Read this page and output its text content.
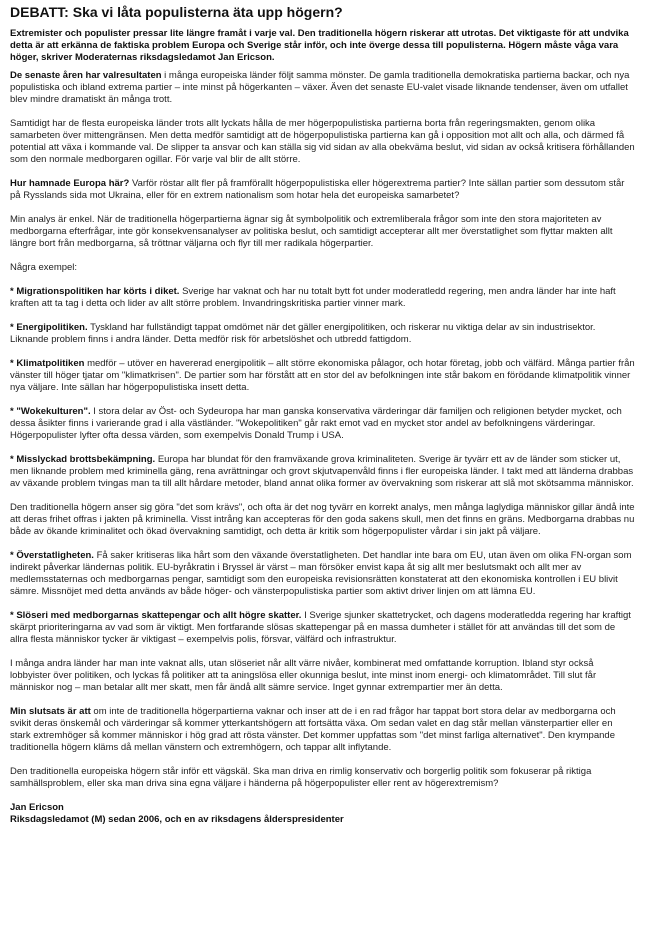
DEBATT: Ska vi låta populisterna äta upp högern?

Extremister och populister pressar lite längre framåt i varje val. Den traditionella högern riskerar att utrotas. Det viktigaste för att undvika detta är att erkänna de faktiska problem Europa och Sverige står inför, och inte överge dessa till populisterna. Högern måste våga vara höger, skriver Moderaternas riksdagsledamot Jan Ericson.

De senaste åren har valresultaten i många europeiska länder följt samma mönster. De gamla traditionella demokratiska partierna backar, och nya populistiska och ibland extrema partier – inte minst på högerkanten – växer. Även det senaste EU-valet visade liknande tendenser, även om utfallet blev mindre dramatiskt än många trott.

Samtidigt har de flesta europeiska länder trots allt lyckats hålla de mer högerpopulistiska partierna borta från regeringsmakten, genom olika samarbeten över mittengränsen. Men detta medför samtidigt att de högerpopulistiska partierna kan gå i opposition mot allt och alla, och därmed få potential att växa i kommande val. De slipper ta ansvar och kan ställa sig vid sidan av alla obekväma beslut, vid sidan av också kritisera förhållanden som den normale medborgaren ogillar. För varje val blir de allt större.

Hur hamnade Europa här? Varför röstar allt fler på framförallt högerpopulistiska eller högerextrema partier? Inte sällan partier som dessutom står på Rysslands sida mot Ukraina, eller för en extrem nationalism som hotar hela det europeiska samarbetet?

Min analys är enkel. När de traditionella högerpartierna ägnar sig åt symbolpolitik och extremliberala frågor som inte den stora majoriteten av medborgarna efterfrågar, inte gör konsekvensanalyser av politiska beslut, och samtidigt accepterar allt mer överstatlighet som flyttar makten allt längre bort från medborgarna, så tröttnar väljarna och flyr till mer radikala högerpartier.

Några exempel:

* Migrationspolitiken har körts i diket. Sverige har vaknat och har nu totalt bytt fot under moderatledd regering, men andra länder har inte haft kraften att ta tag i detta och lider av allt större problem. Invandringskritiska partier vinner mark.

* Energipolitiken. Tyskland har fullständigt tappat omdömet när det gäller energipolitiken, och riskerar nu viktiga delar av sin industrisektor. Liknande problem finns i andra länder. Detta medför risk för arbetslöshet och utbredd fattigdom.

* Klimatpolitiken medför – utöver en havererad energipolitik – allt större ekonomiska pålagor, och hotar företag, jobb och välfärd. Många partier från vänster till höger tjatar om "klimatkrisen". De partier som har förstått att en stor del av befolkningen inte står bakom en förödande klimatpolitik vinner nya väljare. Inte sällan har högerpopulistiska insett detta.

* "Wokekulturen". I stora delar av Öst- och Sydeuropa har man ganska konservativa värderingar där familjen och religionen betyder mycket, och dessa åsikter finns i varierande grad i alla västländer. "Wokepolitiken" går rakt emot vad en mycket stor andel av befolkningens värderingar. Högerpopulister lyfter ofta dessa värden, som exempelvis Donald Trump i USA.

* Misslyckad brottsbekämpning. Europa har blundat för den framväxande grova kriminaliteten. Sverige är tyvärr ett av de länder som sticker ut, men liknande problem med kriminella gäng, rena avrättningar och grovt skjutvapenvåld finns i fler europeiska länder. I takt med att länderna drabbas av växande problem tvingas man ta till allt hårdare metoder, bland annat olika former av övervakning som riskerar att slå mot skötsamma människor.

Den traditionella högern anser sig göra "det som krävs", och ofta är det nog tyvärr en korrekt analys, men många laglydiga människor gillar ändå inte att deras frihet offras i jakten på kriminella. Visst intrång kan accepteras för den goda sakens skull, men det finns en gräns. Medborgarna drabbas nu både av ökande kriminalitet och ökad övervakning samtidigt, och detta är kritik som högerpopulister vårdar i sin jakt på väljare.

* Överstatligheten. Få saker kritiseras lika hårt som den växande överstatligheten. Det handlar inte bara om EU, utan även om olika FN-organ som indirekt påverkar ländernas politik. EU-byråkratin i Bryssel är värst – man försöker envist kapa åt sig allt mer beslutsmakt och allt mer av medlemsstaternas och medborgarnas pengar, samtidigt som den europeiska revisionsrätten konstaterat att den ekonomiska kontrollen i EU blivit sämre. Missnöjet med detta används av både höger- och vänsterpopulistiska partier som aktivt driver linjen om att lämna EU.

* Slöseri med medborgarnas skattepengar och allt högre skatter. I Sverige sjunker skattetrycket, och dagens moderatledda regering har kraftigt skärpt prioriteringarna av vad som är viktigt. Men fortfarande slösas skattepengar på en massa dumheter i stället för att användas till det som de allra flesta människor tycker är viktigast – exempelvis polis, försvar, välfärd och infrastruktur.

I många andra länder har man inte vaknat alls, utan slöseriet når allt värre nivåer, kombinerat med omfattande korruption. Ibland styr också lobbyister över politiken, och lyckas få politiker att ta aningslösa eller okunniga beslut, inte minst inom energi- och klimatområdet. Till slut får människor nog – man betalar allt mer skatt, men får ändå allt sämre service. Inget gynnar extrempartier mer än detta.

Min slutsats är att om inte de traditionella högerpartierna vaknar och inser att de i en rad frågor har tappat bort stora delar av medborgarna och svikit deras önskemål och värderingar så kommer ytterkantshögern att fortsätta växa. Om sedan valet en dag står mellan vänsterpartier eller en stark extremhöger så kommer människor i hög grad att rösta vänster. Det kommer uppfattas som "det minst farliga alternativet". Den krympande traditionella högern kläms då mellan vänstern och extremhögern, och tappar allt inflytande.

Den traditionella europeiska högern står inför ett vägskäl. Ska man driva en rimlig konservativ och borgerlig politik som fokuserar på riktiga samhällsproblem, eller ska man driva sina egna väljare i händerna på högerpopulister eller rent av högerextremism?

Jan Ericson

Riksdagsledamot (M) sedan 2006, och en av riksdagens ålderspresidenter
